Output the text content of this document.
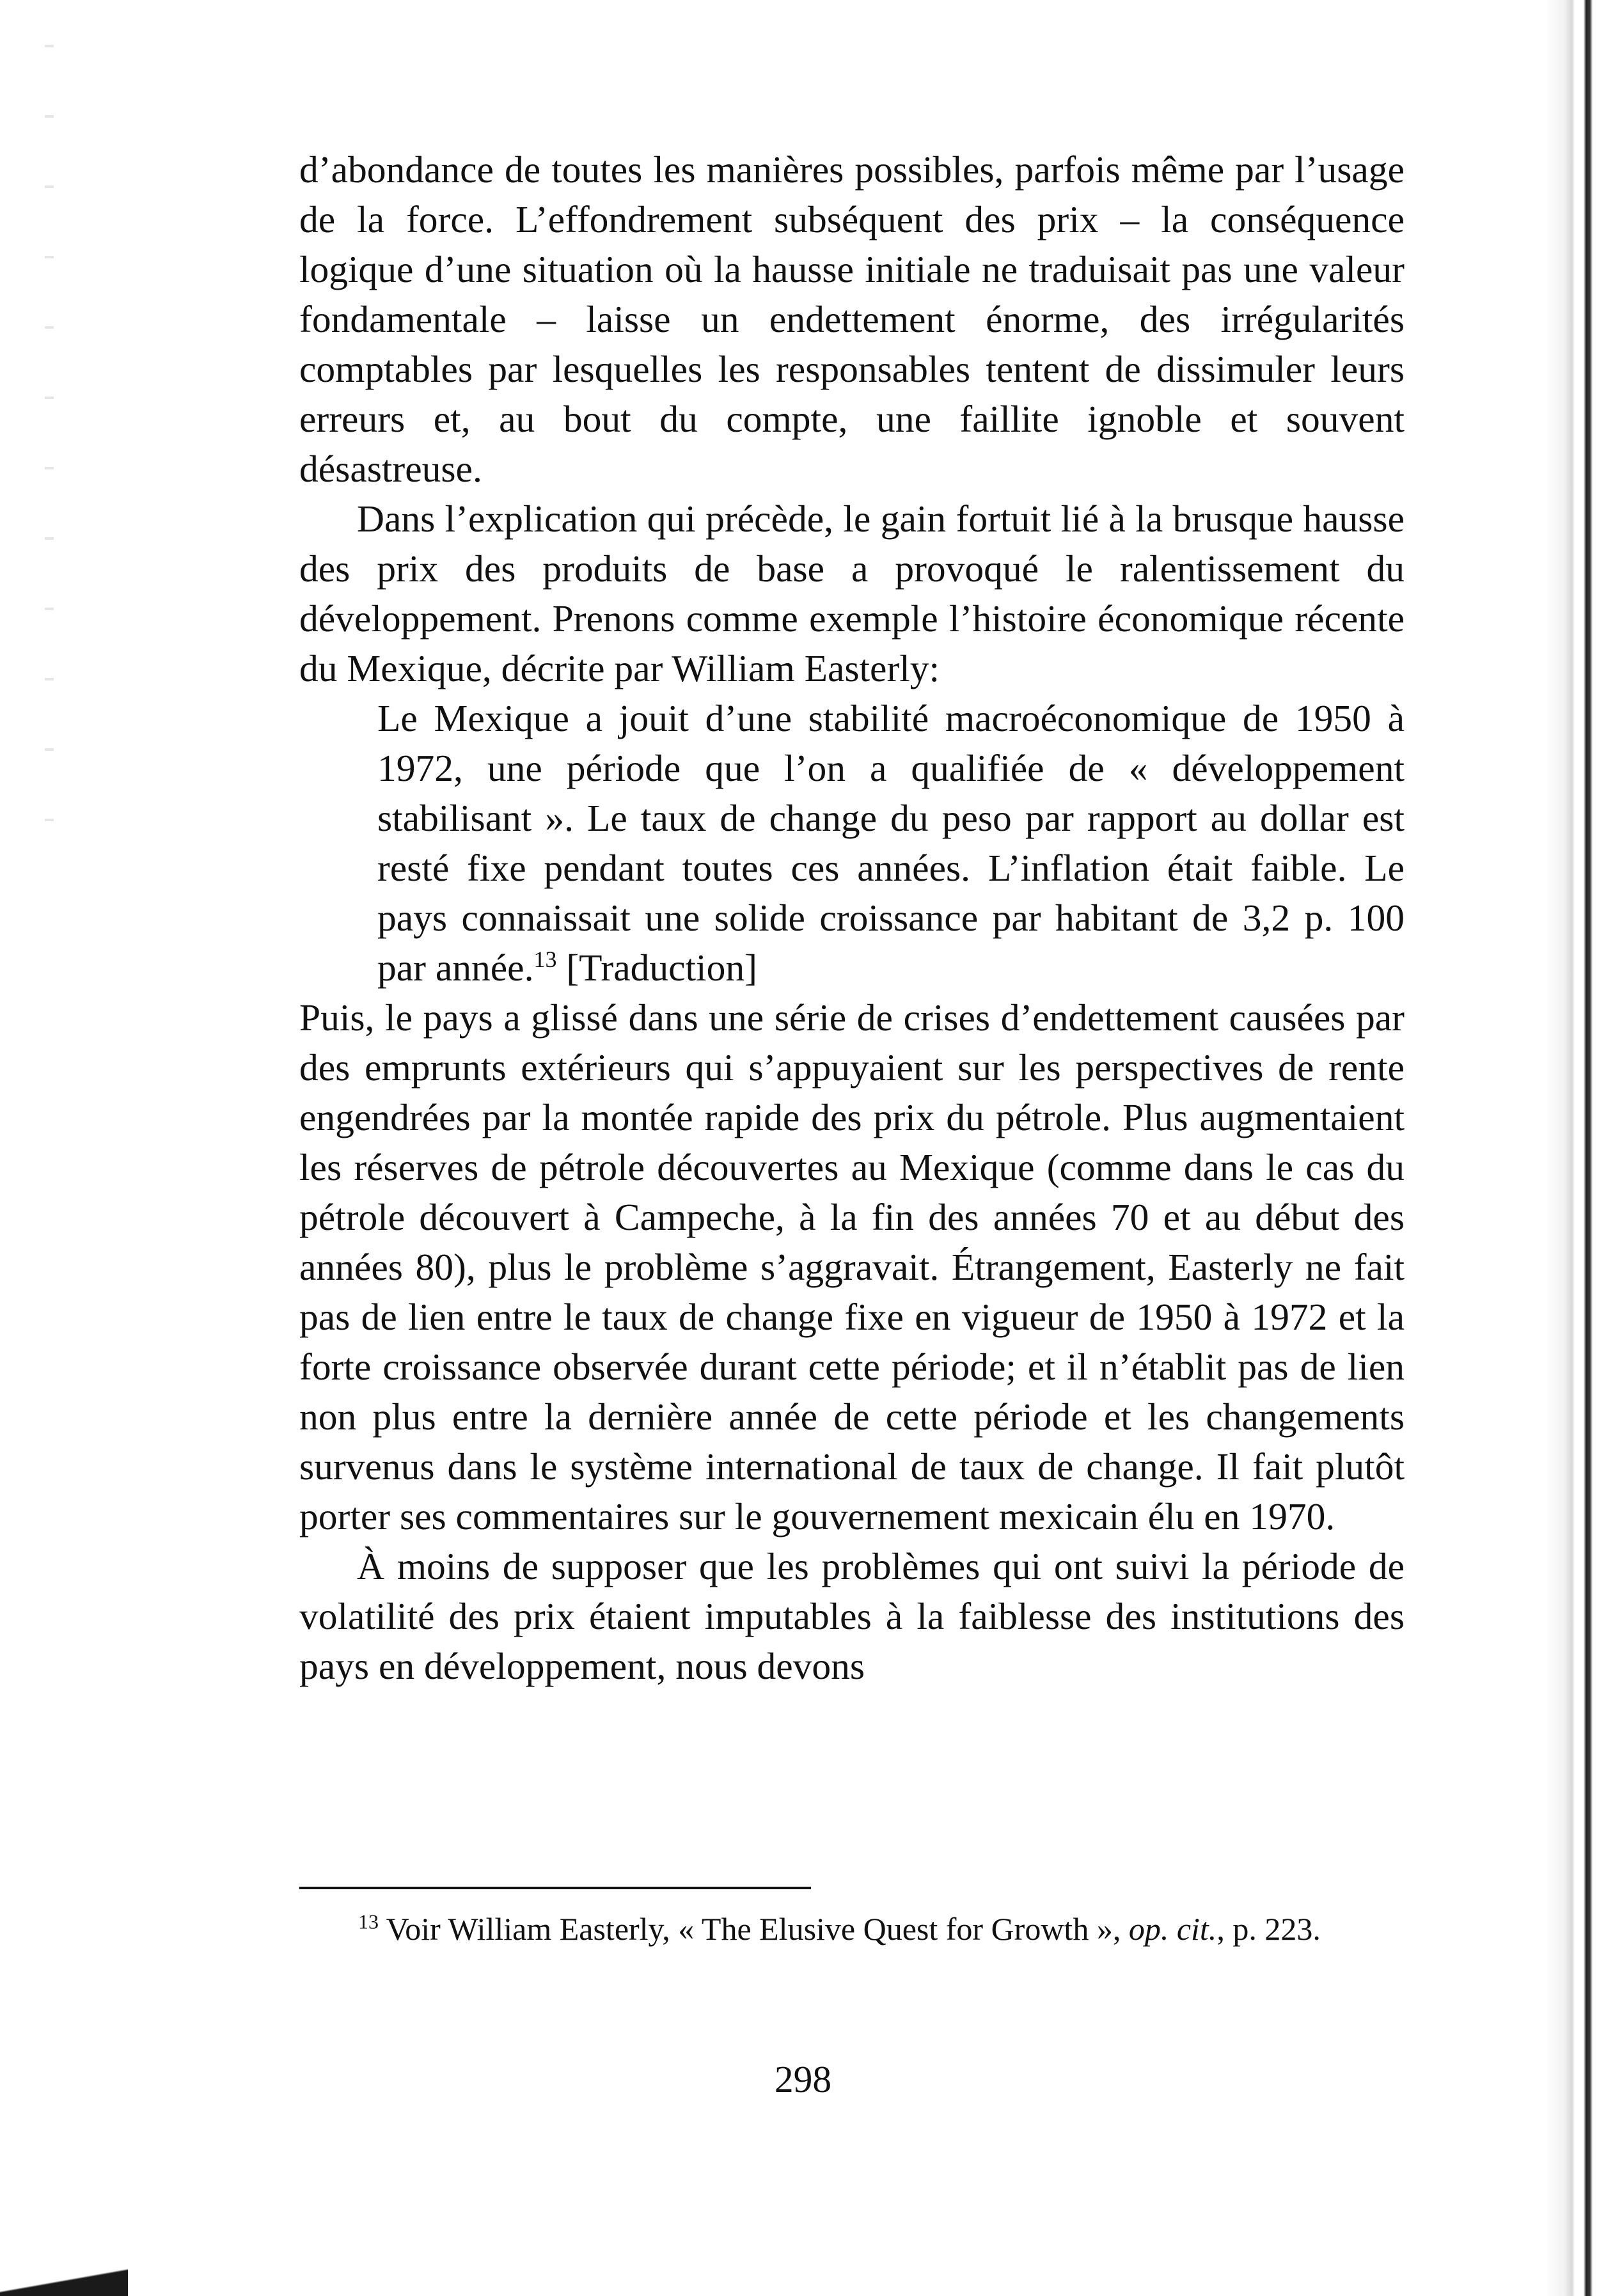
d’abondance de toutes les manières possibles, parfois même par l’usage de la force. L’effondrement subséquent des prix – la conséquence logique d’une situation où la hausse initiale ne traduisait pas une valeur fondamentale – laisse un endettement énorme, des irrégularités comptables par lesquelles les responsables tentent de dissimuler leurs erreurs et, au bout du compte, une faillite ignoble et souvent désastreuse.

Dans l’explication qui précède, le gain fortuit lié à la brusque hausse des prix des produits de base a provoqué le ralentissement du développement. Prenons comme exemple l’histoire économique récente du Mexique, décrite par William Easterly:

Le Mexique a jouit d’une stabilité macroéconomique de 1950 à 1972, une période que l’on a qualifiée de « développement stabilisant ». Le taux de change du peso par rapport au dollar est resté fixe pendant toutes ces années. L’inflation était faible. Le pays connaissait une solide croissance par habitant de 3,2 p. 100 par année.$^{13}$ [Traduction]

Puis, le pays a glissé dans une série de crises d’endettement causées par des emprunts extérieurs qui s’appuyaient sur les perspectives de rente engendrées par la montée rapide des prix du pétrole. Plus augmentaient les réserves de pétrole découvertes au Mexique (comme dans le cas du pétrole découvert à Campeche, à la fin des années 70 et au début des années 80), plus le problème s’aggravait. Étrangement, Easterly ne fait pas de lien entre le taux de change fixe en vigueur de 1950 à 1972 et la forte croissance observée durant cette période; et il n’établit pas de lien non plus entre la dernière année de cette période et les changements survenus dans le système international de taux de change. Il fait plutôt porter ses commentaires sur le gouvernement mexicain élu en 1970.

À moins de supposer que les problèmes qui ont suivi la période de volatilité des prix étaient imputables à la faiblesse des institutions des pays en développement, nous devons

$^{13}$ Voir William Easterly, « The Elusive Quest for Growth », op. cit., p. 223.

298
